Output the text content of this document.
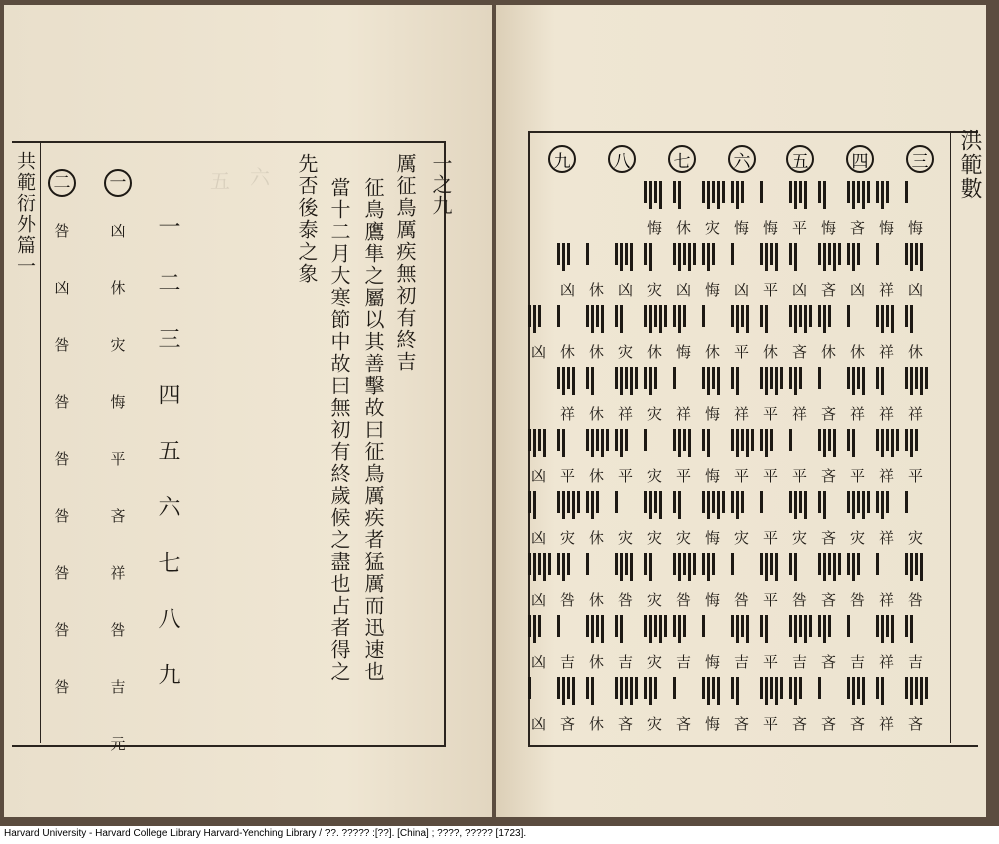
共範衍外篇一	二
咎
凶
咎
咎
咎
咎
咎
咎
咎
一
凶
休
灾
悔
平
吝
祥
咎
吉
元
五 六
一二三四五六七八九
一之九
厲征鳥厲疾無初有終吉
征鳥鷹隼之屬以其善擊故曰征鳥厲疾者猛厲而迅速也
當十二月大寒節中故曰無初有終歲候之盡也占者得之
先否後泰之象	洪範數
三
四
五
六
七
八
九
悔
悔
吝
悔
平
悔
悔
灾
休
悔
凶
祥
凶
吝
凶
平
凶
悔
凶
灾
凶
休
凶
休
祥
休
休
吝
休
平
休
悔
休
灾
休
休
凶
祥
祥
祥
吝
祥
平
祥
悔
祥
灾
祥
休
祥
平
祥
平
吝
平
平
平
悔
平
灾
平
休
平
凶
灾
祥
灾
吝
灾
平
灾
悔
灾
灾
灾
休
灾
凶
咎
祥
咎
吝
咎
平
咎
悔
咎
灾
咎
休
咎
凶
吉
祥
吉
吝
吉
平
吉
悔
吉
灾
吉
休
吉
凶
吝
祥
吝
吝
吝
平
吝
悔
吝
灾
吝
休
吝
凶
Harvard University - Harvard College Library Harvard-Yenching Library / ??. ????? :[??]. [China] ; ????, ????? [1723].
